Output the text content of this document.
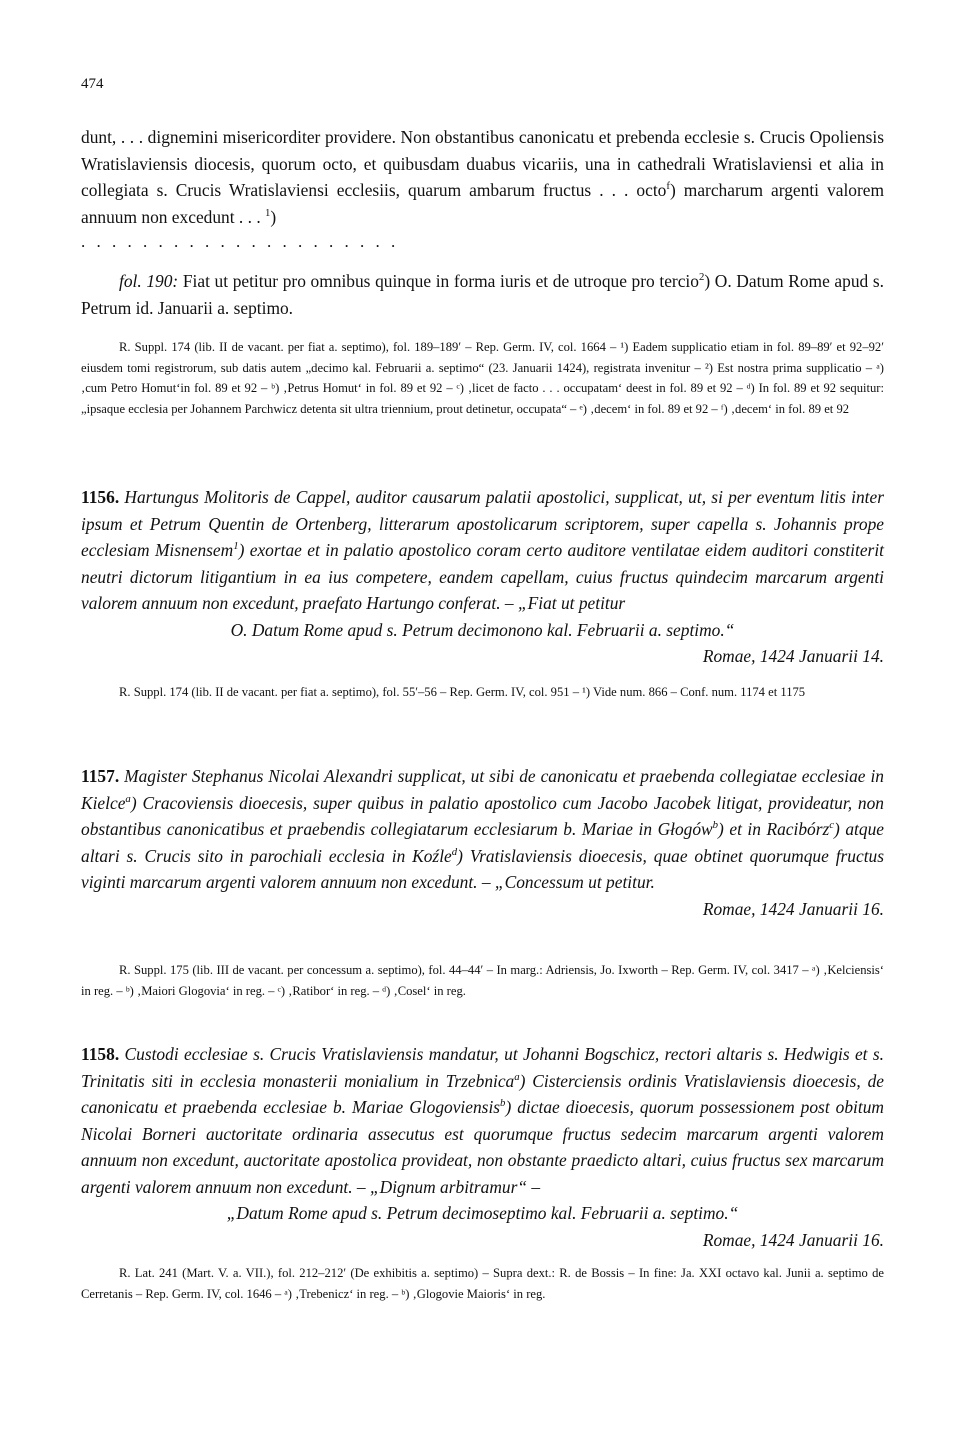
474

dunt, . . . dignemini misericorditer providere. Non obstantibus canonicatu et prebenda ecclesie s. Crucis Opoliensis Wratislaviensis diocesis, quorum octo, et quibusdam duabus vicariis, una in cathedrali Wratislaviensi et alia in collegiata s. Crucis Wratislaviensi ecclesiis, quarum ambarum fructus . . . octo$^f$) marcharum argenti valorem annuum non excedunt . . . $^1$)

. . . . . . . . . . . . . . . . . . . . .

fol. 190: Fiat ut petitur pro omnibus quinque in forma iuris et de utroque pro tercio$^2$) O. Datum Rome apud s. Petrum id. Januarii a. septimo.

R. Suppl. 174 (lib. II de vacant. per fiat a. septimo), fol. 189–189′ – Rep. Germ. IV, col. 1664 – ¹) Eadem supplicatio etiam in fol. 89–89′ et 92–92′ eiusdem tomi registrorum, sub datis autem „decimo kal. Februarii a. septimo“ (23. Januarii 1424), registrata invenitur – ²) Est nostra prima supplicatio – ᵃ) ‚cum Petro Homut‘in fol. 89 et 92 – ᵇ) ‚Petrus Homut‘ in fol. 89 et 92 – ᶜ) ‚licet de facto . . . occupatam‘ deest in fol. 89 et 92 – ᵈ) In fol. 89 et 92 sequitur: „ipsaque ecclesia per Johannem Parchwicz detenta sit ultra triennium, prout detinetur, occupata“ – ᵉ) ‚decem‘ in fol. 89 et 92 – ᶠ) ‚decem‘ in fol. 89 et 92

1156. Hartungus Molitoris de Cappel, auditor causarum palatii apostolici, supplicat, ut, si per eventum litis inter ipsum et Petrum Quentin de Ortenberg, litterarum apostolicarum scriptorem, super capella s. Johannis prope ecclesiam Misnensem$^1$) exortae et in palatio apostolico coram certo auditore ventilatae eidem auditori constiterit neutri dictorum litigantium in ea ius competere, eandem capellam, cuius fructus quindecim marcarum argenti valorem annuum non excedunt, praefato Hartungo conferat. – „Fiat ut petitur

O. Datum Rome apud s. Petrum decimonono kal. Februarii a. septimo.“

Romae, 1424 Januarii 14.

R. Suppl. 174 (lib. II de vacant. per fiat a. septimo), fol. 55′–56 – Rep. Germ. IV, col. 951 – ¹) Vide num. 866 – Conf. num. 1174 et 1175

1157. Magister Stephanus Nicolai Alexandri supplicat, ut sibi de canonicatu et praebenda collegiatae ecclesiae in Kielce$^a$) Cracoviensis dioecesis, super quibus in palatio apostolico cum Jacobo Jacobek litigat, provideatur, non obstantibus canonicatibus et praebendis collegiatarum ecclesiarum b. Mariae in Głogów$^b$) et in Racibórz$^c$) atque altari s. Crucis sito in parochiali ecclesia in Koźle$^d$) Vratislaviensis dioecesis, quae obtinet quorumque fructus viginti marcarum argenti valorem annuum non excedunt. – „Concessum ut petitur.

Romae, 1424 Januarii 16.

R. Suppl. 175 (lib. III de vacant. per concessum a. septimo), fol. 44–44′ – In marg.: Adriensis, Jo. Ixworth – Rep. Germ. IV, col. 3417 – ᵃ) ‚Kelciensis‘ in reg. – ᵇ) ‚Maiori Glogovia‘ in reg. – ᶜ) ‚Ratibor‘ in reg. – ᵈ) ‚Cosel‘ in reg.

1158. Custodi ecclesiae s. Crucis Vratislaviensis mandatur, ut Johanni Bogschicz, rectori altaris s. Hedwigis et s. Trinitatis siti in ecclesia monasterii monialium in Trzebnica$^a$) Cisterciensis ordinis Vratislaviensis dioecesis, de canonicatu et praebenda ecclesiae b. Mariae Glogoviensis$^b$) dictae dioecesis, quorum possessionem post obitum Nicolai Borneri auctoritate ordinaria assecutus est quorumque fructus sedecim marcarum argenti valorem annuum non excedunt, auctoritate apostolica provideat, non obstante praedicto altari, cuius fructus sex marcarum argenti valorem annuum non excedunt. – „Dignum arbitramur“ –

„Datum Rome apud s. Petrum decimoseptimo kal. Februarii a. septimo.“

Romae, 1424 Januarii 16.

R. Lat. 241 (Mart. V. a. VII.), fol. 212–212′ (De exhibitis a. septimo) – Supra dext.: R. de Bossis – In fine: Ja. XXI octavo kal. Junii a. septimo de Cerretanis – Rep. Germ. IV, col. 1646 – ᵃ) ‚Trebenicz‘ in reg. – ᵇ) ‚Glogovie Maioris‘ in reg.
